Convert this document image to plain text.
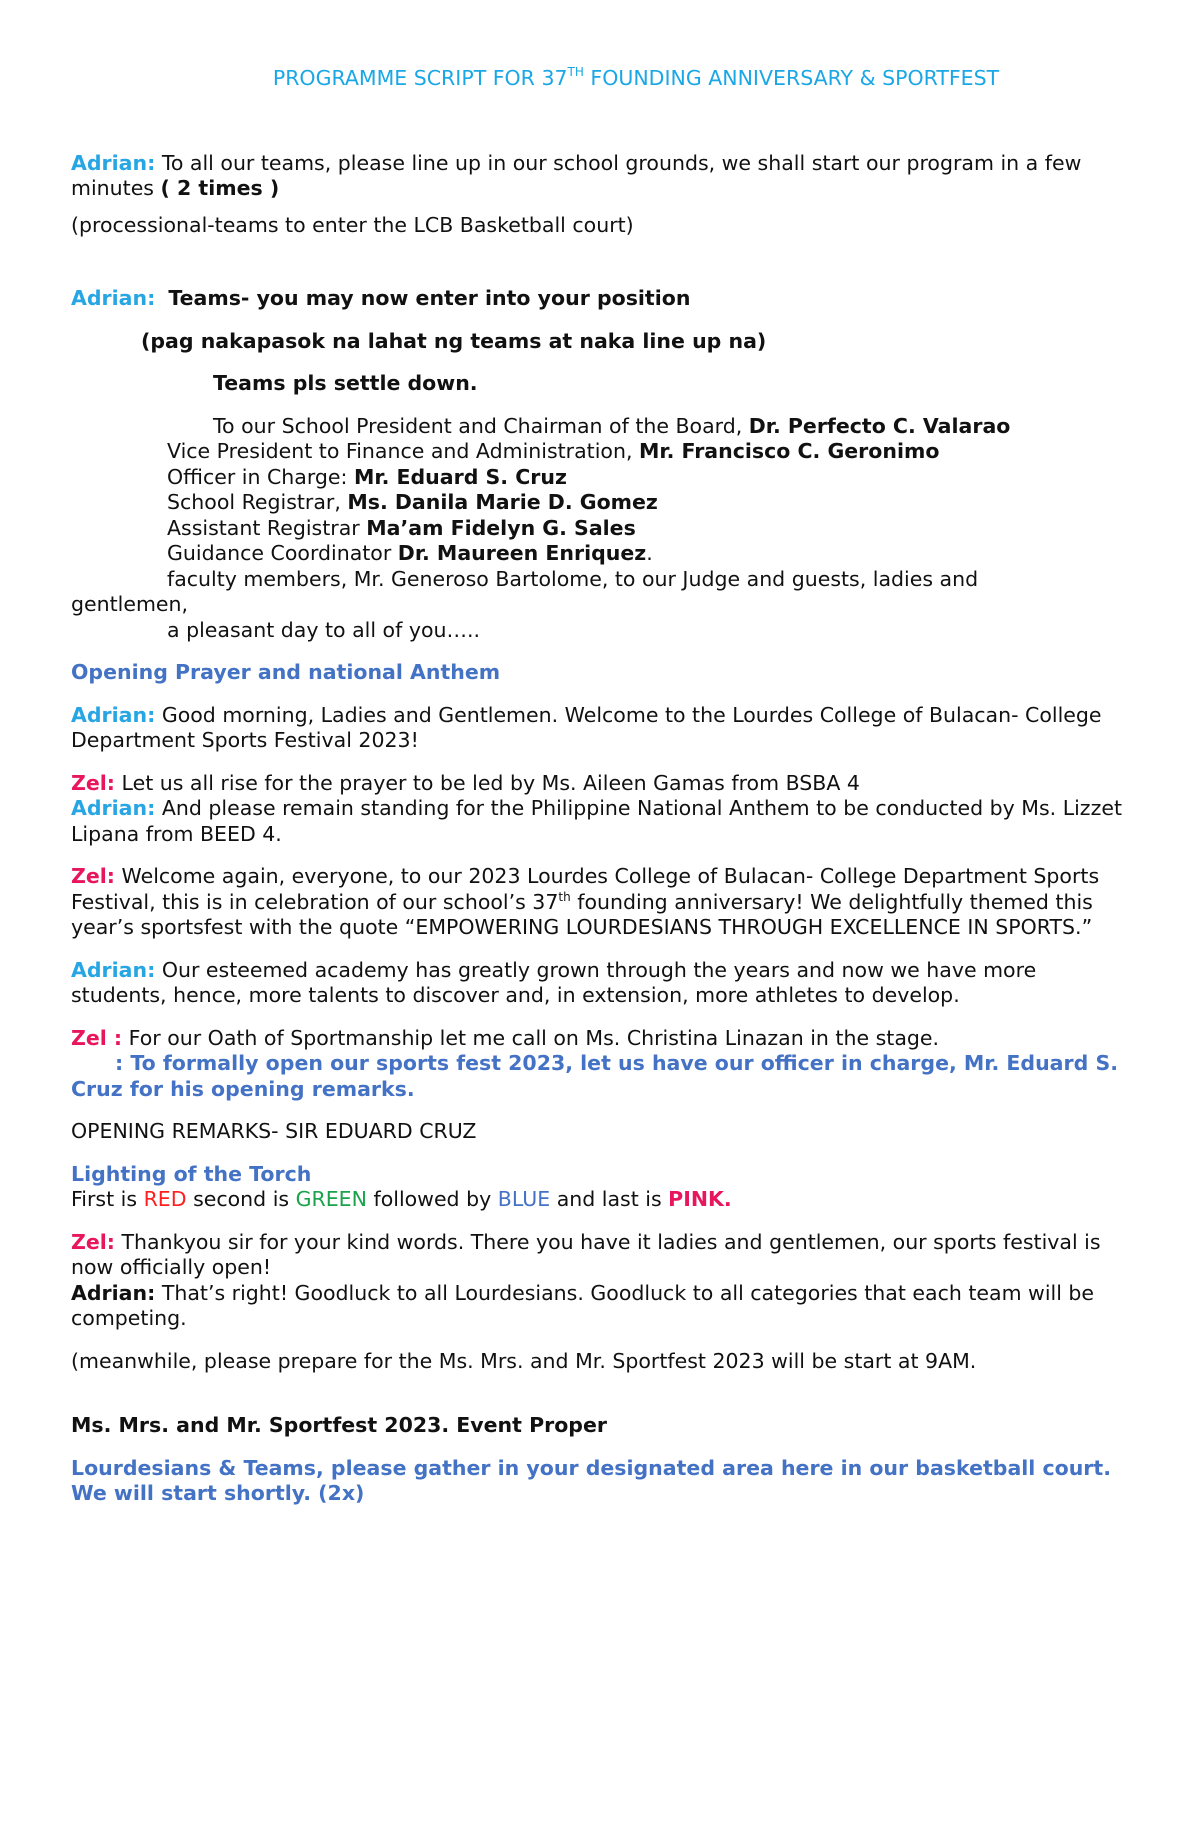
PROGRAMME SCRIPT FOR 37TH FOUNDING ANNIVERSARY & SPORTFEST

Adrian: To all our teams, please line up in our school grounds, we shall start our program in a few minutes ( 2 times )

(processional-teams to enter the LCB Basketball court)

Adrian: Teams- you may now enter into your position

(pag nakapasok na lahat ng teams at naka line up na)

Teams pls settle down.

To our School President and Chairman of the Board, Dr. Perfecto C. Valarao

Vice President to Finance and Administration, Mr. Francisco C. Geronimo

Officer in Charge: Mr. Eduard S. Cruz

School Registrar, Ms. Danila Marie D. Gomez

Assistant Registrar Ma’am Fidelyn G. Sales

Guidance Coordinator Dr. Maureen Enriquez.

faculty members, Mr. Generoso Bartolome, to our Judge and guests, ladies and

gentlemen,

a pleasant day to all of you…..

Opening Prayer and national Anthem

Adrian: Good morning, Ladies and Gentlemen. Welcome to the Lourdes College of Bulacan- College Department Sports Festival 2023!

Zel: Let us all rise for the prayer to be led by Ms. Aileen Gamas from BSBA 4

Adrian: And please remain standing for the Philippine National Anthem to be conducted by Ms. Lizzet Lipana from BEED 4.

Zel: Welcome again, everyone, to our 2023 Lourdes College of Bulacan- College Department Sports Festival, this is in celebration of our school’s 37th founding anniversary! We delightfully themed this year’s sportsfest with the quote “EMPOWERING LOURDESIANS THROUGH EXCELLENCE IN SPORTS.”

Adrian: Our esteemed academy has greatly grown through the years and now we have more students, hence, more talents to discover and, in extension, more athletes to develop.

Zel : For our Oath of Sportmanship let me call on Ms. Christina Linazan in the stage.

: To formally open our sports fest 2023, let us have our officer in charge, Mr. Eduard S. Cruz for his opening remarks.

OPENING REMARKS- SIR EDUARD CRUZ

Lighting of the Torch

First is RED second is GREEN followed by BLUE and last is PINK.

Zel: Thankyou sir for your kind words. There you have it ladies and gentlemen, our sports festival is now officially open!

Adrian: That’s right! Goodluck to all Lourdesians. Goodluck to all categories that each team will be competing.

(meanwhile, please prepare for the Ms. Mrs. and Mr. Sportfest 2023 will be start at 9AM.

Ms. Mrs. and Mr. Sportfest 2023. Event Proper

Lourdesians & Teams, please gather in your designated area here in our basketball court. We will start shortly. (2x)
